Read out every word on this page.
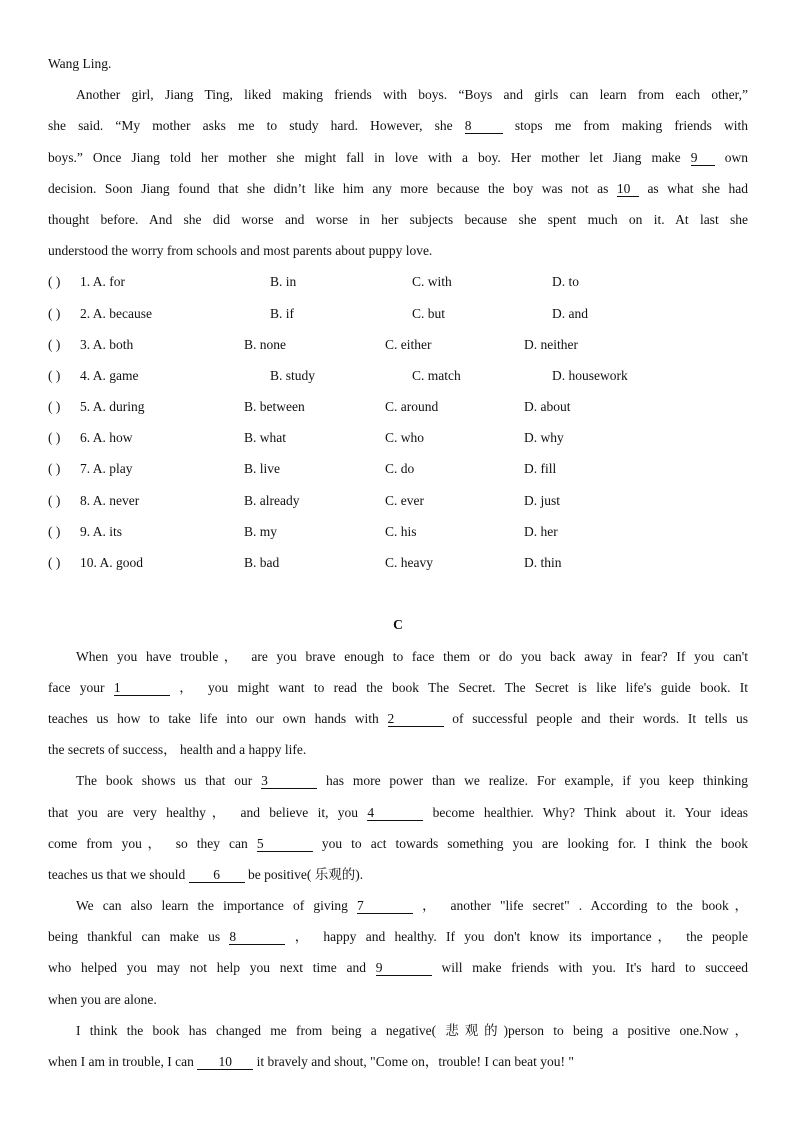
Wang Ling.
Another girl, Jiang Ting, liked making friends with boys. “Boys and girls can learn from each other,”
she said. “My mother asks me to study hard. However, she 8	stops me from making friends with
boys.” Once Jiang told her mother she might fall in love with a boy. Her mother let Jiang make 9 own
decision. Soon Jiang found that she didn’t like him any more because the boy was not as 10 as what she had
thought before. And she did worse and worse in her subjects because she spent much on it. At last she
understood the worry from schools and most parents about puppy love.
( ) 1. A. for	B. in	C. with	D. to
( ) 2. A. because	B. if	C. but	D. and
( ) 3. A. both	B. none	C. either	D. neither
( ) 4. A. game	B. study	C. match	D. housework
( ) 5. A. during	B. between	C. around	D. about
( ) 6. A. how	B. what	C. who	D. why
( ) 7. A. play	B. live	C. do	D. fill
( ) 8. A. never	B. already	C. ever	D. just
( ) 9. A. its	B. my	C. his	D. her
( ) 10. A. good	B. bad	C. heavy	D. thin
C
When you have trouble， are you brave enough to face them or do you back away in fear? If you can't
face your 1	， you might want to read the book The Secret. The Secret is like life's guide book. It
teaches us how to take life into our own hands with 2	of successful people and their words. It tells us
the secrets of success， health and a happy life.
The book shows us that our 3	has more power than we realize. For example, if you keep thinking
that you are very healthy， and believe it, you 4	become healthier. Why? Think about it. Your ideas
come from you， so they can 5	you to act towards something you are looking for. I think the book
teaches us that we should 6 be positive( 乐观的).
We can also learn the importance of giving 7	， another "life secret" . According to the book，
being thankful can make us 8	， happy and healthy. If you don't know its importance， the people
who helped you may not help you next time and 9	will make friends with you. It's hard to succeed
when you are alone.
I think the book has changed me from being a negative( 悲观的)person to being a positive one.Now，
when I am in trouble, I can 10 it bravely and shout, "Come on，trouble! I can beat you! "
